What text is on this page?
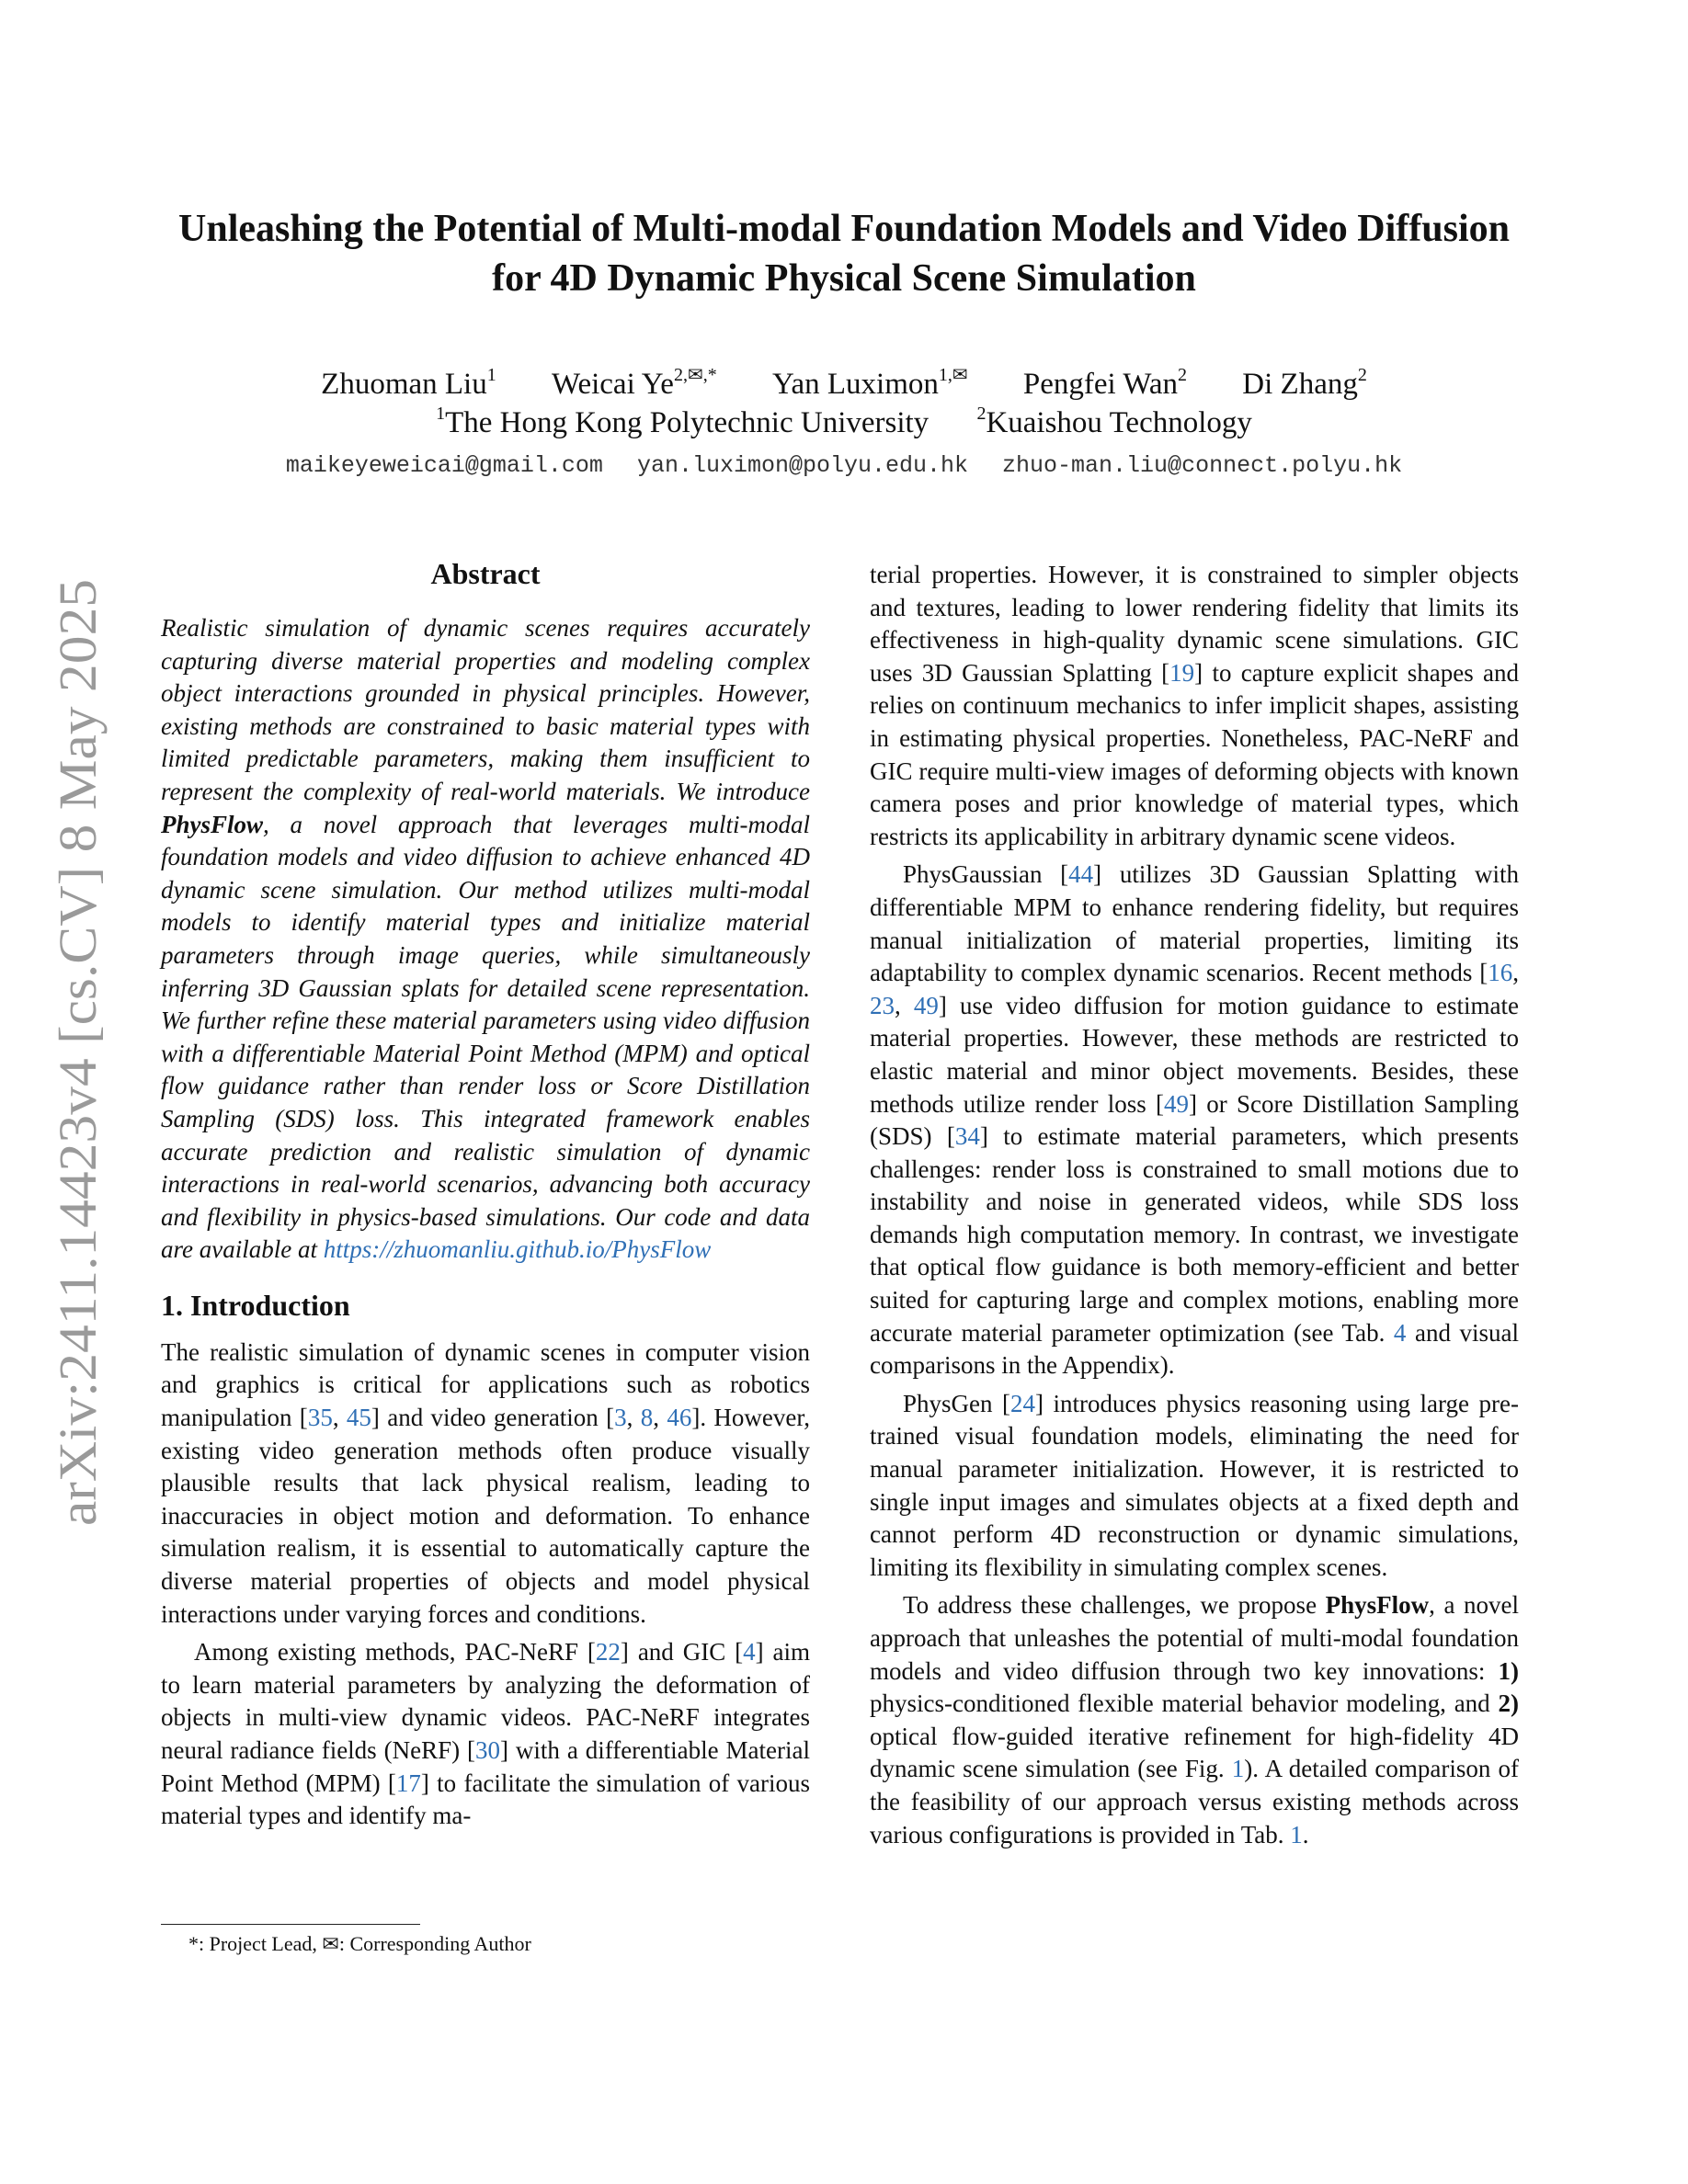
arXiv:2411.14423v4 [cs.CV] 8 May 2025
Unleashing the Potential of Multi-modal Foundation Models and Video Diffusion
for 4D Dynamic Physical Scene Simulation
Zhuoman Liu$^1$ Weicai $Ye^{2,✉,*}$ Yan Luximon$^{1,✉}$ Pengfei Wan$^2$ Di Zhang$^2$
$^1$The Hong Kong Polytechnic University	$^2$Kuaishou Technology
maikeyeweicai@gmail.com yan.luximon@polyu.edu.hk zhuo-man.liu@connect.polyu.hk
Abstract

Realistic simulation of dynamic scenes requires accurately capturing diverse material properties and modeling complex object interactions grounded in physical principles. However, existing methods are constrained to basic material types with limited predictable parameters, making them insufficient to represent the complexity of real-world materials. We introduce PhysFlow, a novel approach that leverages multi-modal foundation models and video diffusion to achieve enhanced 4D dynamic scene simulation. Our method utilizes multi-modal models to identify material types and initialize material parameters through image queries, while simultaneously inferring 3D Gaussian splats for detailed scene representation. We further refine these material parameters using video diffusion with a differentiable Material Point Method (MPM) and optical flow guidance rather than render loss or Score Distillation Sampling (SDS) loss. This integrated framework enables accurate prediction and realistic simulation of dynamic interactions in real-world scenarios, advancing both accuracy and flexibility in physics-based simulations. Our code and data are available at https://zhuomanliu.github.io/PhysFlow

1. Introduction

The realistic simulation of dynamic scenes in computer vision and graphics is critical for applications such as robotics manipulation [35, 45] and video generation [3, 8, 46]. However, existing video generation methods often produce visually plausible results that lack physical realism, leading to inaccuracies in object motion and deformation. To enhance simulation realism, it is essential to automatically capture the diverse material properties of objects and model physical interactions under varying forces and conditions.

Among existing methods, PAC-NeRF [22] and GIC [4] aim to learn material parameters by analyzing the deformation of objects in multi-view dynamic videos. PAC-NeRF integrates neural radiance fields (NeRF) [30] with a differentiable Material Point Method (MPM) [17] to facilitate the simulation of various material types and identify ma-

terial properties. However, it is constrained to simpler objects and textures, leading to lower rendering fidelity that limits its effectiveness in high-quality dynamic scene simulations. GIC uses 3D Gaussian Splatting [19] to capture explicit shapes and relies on continuum mechanics to infer implicit shapes, assisting in estimating physical properties. Nonetheless, PAC-NeRF and GIC require multi-view images of deforming objects with known camera poses and prior knowledge of material types, which restricts its applicability in arbitrary dynamic scene videos.

PhysGaussian [44] utilizes 3D Gaussian Splatting with differentiable MPM to enhance rendering fidelity, but requires manual initialization of material properties, limiting its adaptability to complex dynamic scenarios. Recent methods [16, 23, 49] use video diffusion for motion guidance to estimate material properties. However, these methods are restricted to elastic material and minor object movements. Besides, these methods utilize render loss [49] or Score Distillation Sampling (SDS) [34] to estimate material parameters, which presents challenges: render loss is constrained to small motions due to instability and noise in generated videos, while SDS loss demands high computation memory. In contrast, we investigate that optical flow guidance is both memory-efficient and better suited for capturing large and complex motions, enabling more accurate material parameter optimization (see Tab. 4 and visual comparisons in the Appendix).

PhysGen [24] introduces physics reasoning using large pre-trained visual foundation models, eliminating the need for manual parameter initialization. However, it is restricted to single input images and simulates objects at a fixed depth and cannot perform 4D reconstruction or dynamic simulations, limiting its flexibility in simulating complex scenes.

To address these challenges, we propose PhysFlow, a novel approach that unleashes the potential of multi-modal foundation models and video diffusion through two key innovations: 1) physics-conditioned flexible material behavior modeling, and 2) optical flow-guided iterative refinement for high-fidelity 4D dynamic scene simulation (see Fig. 1). A detailed comparison of the feasibility of our approach versus existing methods across various configurations is provided in Tab. 1.

*: Project Lead, ✉: Corresponding Author
